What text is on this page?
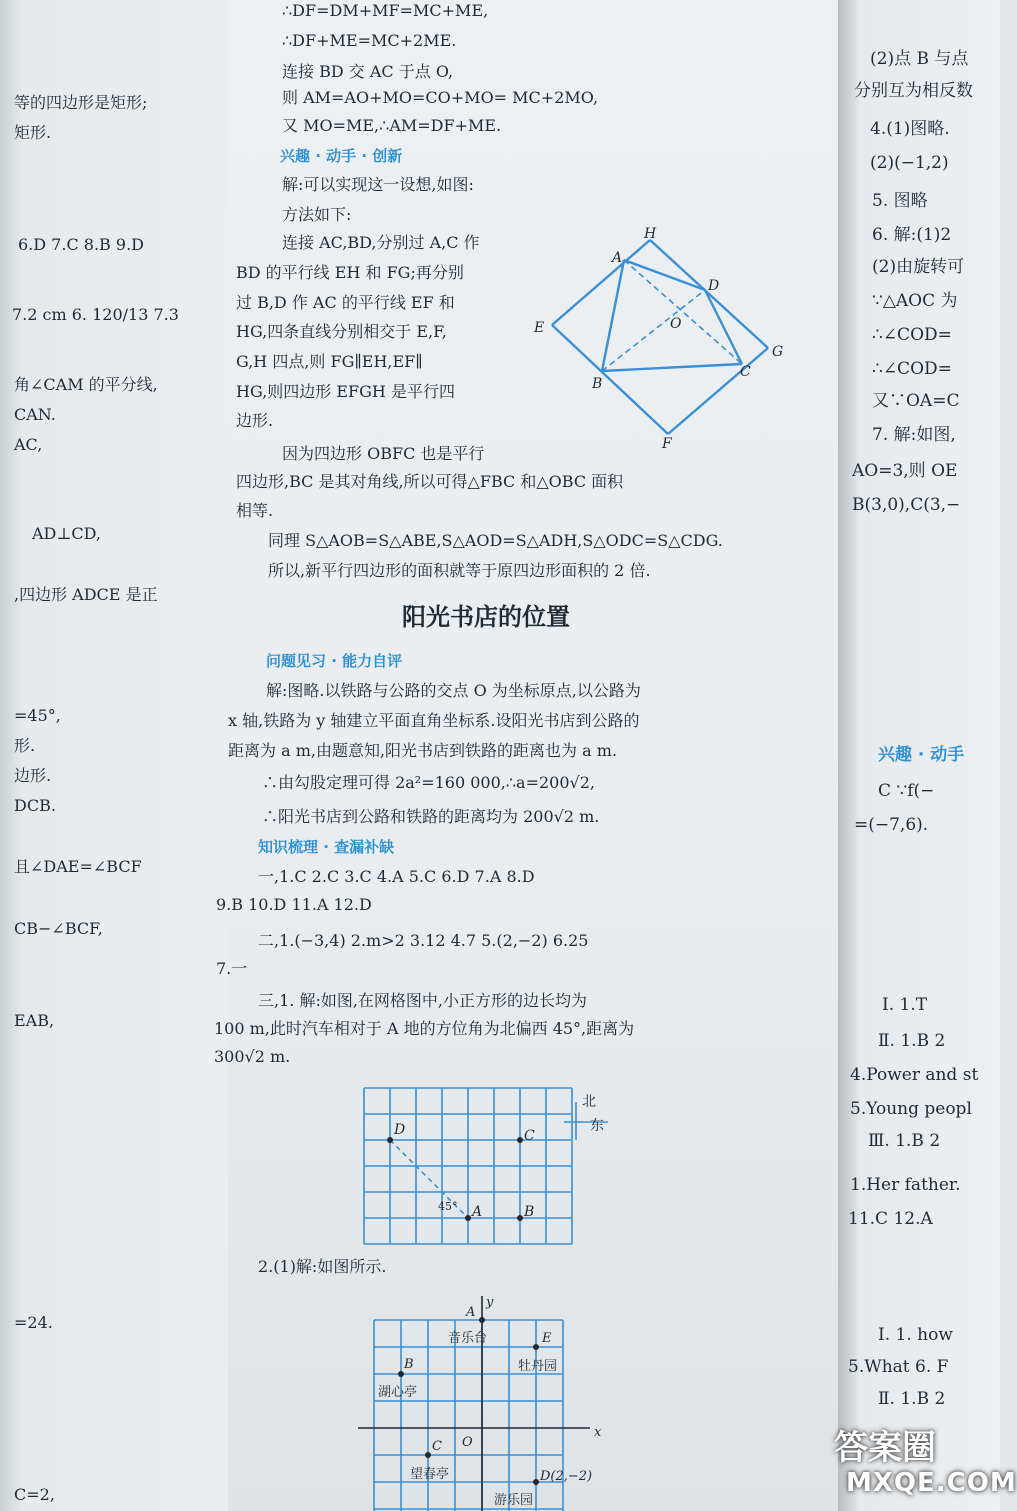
等的四边形是矩形;
矩形.
6.D 7.C 8.B 9.D
7.2 cm 6. 120/13 7.3
角∠CAM 的平分线,
CAN.
AC,
AD⊥CD,
,四边形 ADCE 是正
=45°,
形.
边形.
DCB.
且∠DAE=∠BCF
CB−∠BCF,
EAB,
=24.
C=2,
∴DF=DM+MF=MC+ME,
∴DF+ME=MC+2ME.
连接 BD 交 AC 于点 O,
则 AM=AO+MO=CO+MO= MC+2MO,
又 MO=ME,∴AM=DF+ME.
兴趣 · 动手 · 创新
解:可以实现这一设想,如图:
方法如下:
连接 AC,BD,分别过 A,C 作
BD 的平行线 EH 和 FG;再分别
过 B,D 作 AC 的平行线 EF 和
HG,四条直线分别相交于 E,F,
G,H 四点,则 FG∥EH,EF∥
HG,则四边形 EFGH 是平行四
边形.
H
A
D
O
E
G
B
C
F
因为四边形 OBFC 也是平行
四边形,BC 是其对角线,所以可得△FBC 和△OBC 面积
相等.
同理 S△AOB=S△ABE,S△AOD=S△ADH,S△ODC=S△CDG.
所以,新平行四边形的面积就等于原四边形面积的 2 倍.
阳光书店的位置
问题见习 · 能力自评
解:图略.以铁路与公路的交点 O 为坐标原点,以公路为
x 轴,铁路为 y 轴建立平面直角坐标系.设阳光书店到公路的
距离为 a m,由题意知,阳光书店到铁路的距离也为 a m.
∴由勾股定理可得 2a²=160 000,∴a=200√2,
∴阳光书店到公路和铁路的距离均为 200√2 m.
知识梳理 · 查漏补缺
一,1.C 2.C 3.C 4.A 5.C 6.D 7.A 8.D
9.B 10.D 11.A 12.D
二,1.(−3,4) 2.m>2 3.12 4.7 5.(2,−2) 6.25
7.一
三,1. 解:如图,在网格图中,小正方形的边长均为
100 m,此时汽车相对于 A 地的方位角为北偏西 45°,距离为
300√2 m.
北
东
D	C
A	B
45°
2.(1)解:如图所示.
A
y
x
O
E
B
C
音乐台
牡丹园
湖心亭
望春亭	D(2,−2)
游乐园
(2)点 B 与点
分别互为相反数
4.(1)图略.
(2)(−1,2)
5. 图略
6. 解:(1)2
(2)由旋转可
∵△AOC 为
∴∠COD=
∴∠COD=
又∵OA=C
7. 解:如图,
AO=3,则 OE
B(3,0),C(3,−
兴趣 · 动手
C ∵f(−
=(−7,6).
Ⅰ. 1.T
Ⅱ. 1.B 2
4.Power and st
5.Young peopl
Ⅲ. 1.B 2
1.Her father.
11.C 12.A
Ⅰ. 1. how
5.What 6. F
Ⅱ. 1.B 2
答案圈
MXQE.COM
